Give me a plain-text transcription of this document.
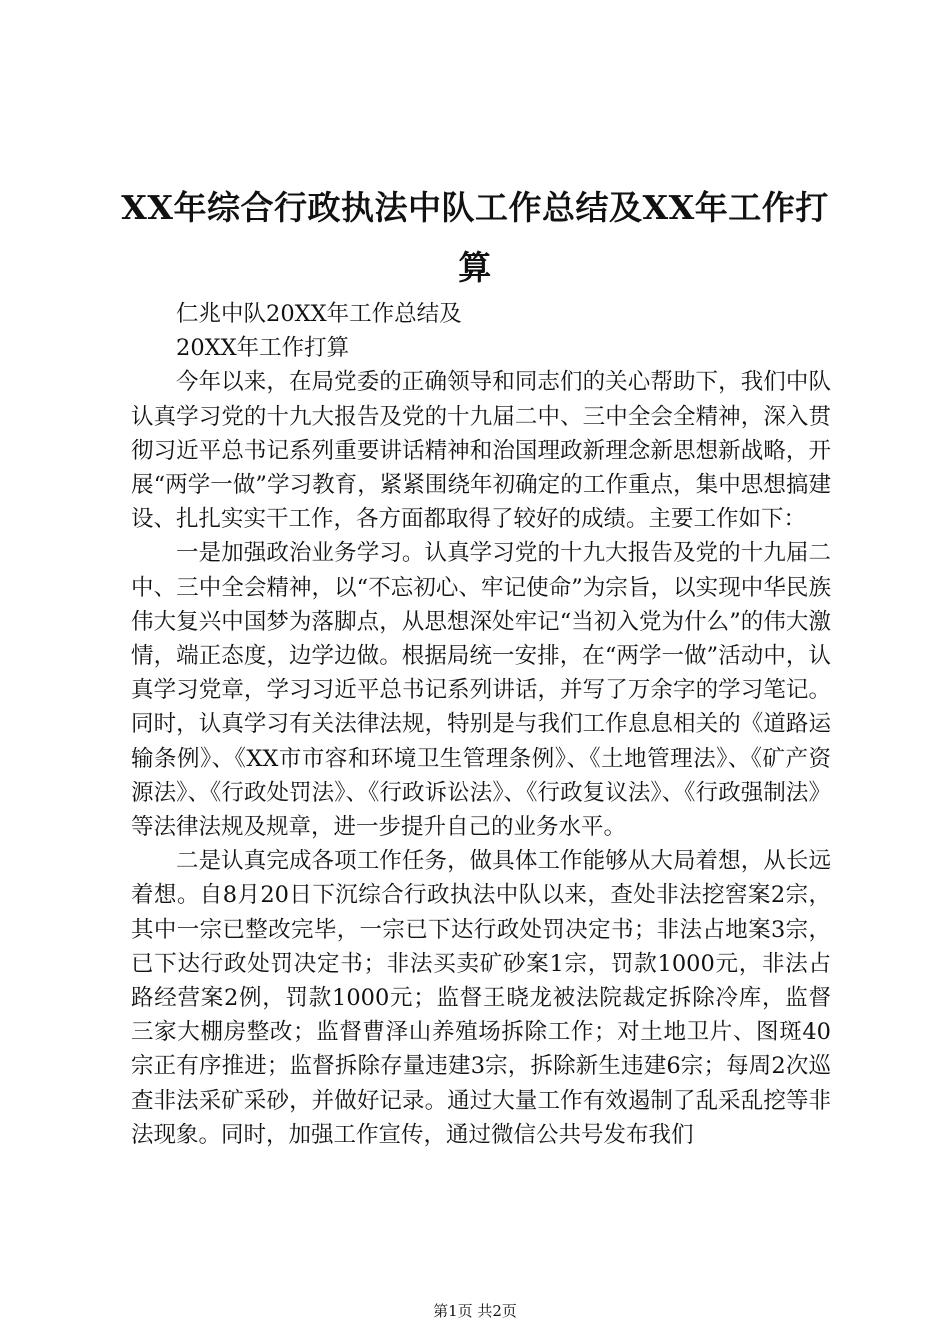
XX年综合行政执法中队工作总结及XX年工作打算

仁兆中队20XX年工作总结及

20XX年工作打算

今年以来，在局党委的正确领导和同志们的关心帮助下，我们中队认真学习党的十九大报告及党的十九届二中、三中全会全精神，深入贯彻习近平总书记系列重要讲话精神和治国理政新理念新思想新战略，开展“两学一做”学习教育，紧紧围绕年初确定的工作重点，集中思想搞建设、扎扎实实干工作，各方面都取得了较好的成绩。主要工作如下：

一是加强政治业务学习。认真学习党的十九大报告及党的十九届二中、三中全会精神，以“不忘初心、牢记使命”为宗旨，以实现中华民族伟大复兴中国梦为落脚点，从思想深处牢记“当初入党为什么”的伟大激情，端正态度，边学边做。根据局统一安排，在“两学一做”活动中，认真学习党章，学习习近平总书记系列讲话，并写了万余字的学习笔记。同时，认真学习有关法律法规，特别是与我们工作息息相关的《道路运输条例》、《XX市市容和环境卫生管理条例》、《土地管理法》、《矿产资源法》、《行政处罚法》、《行政诉讼法》、《行政复议法》、《行政强制法》等法律法规及规章，进一步提升自己的业务水平。

二是认真完成各项工作任务，做具体工作能够从大局着想，从长远着想。自8月20日下沉综合行政执法中队以来，查处非法挖窖案2宗，其中一宗已整改完毕，一宗已下达行政处罚决定书；非法占地案3宗，已下达行政处罚决定书；非法买卖矿砂案1宗，罚款1000元，非法占路经营案2例，罚款1000元；监督王晓龙被法院裁定拆除冷库，监督三家大棚房整改；监督曹泽山养殖场拆除工作；对土地卫片、图斑40宗正有序推进；监督拆除存量违建3宗，拆除新生违建6宗；每周2次巡查非法采矿采砂，并做好记录。通过大量工作有效遏制了乱采乱挖等非法现象。同时，加强工作宣传，通过微信公共号发布我们

第1页 共2页
